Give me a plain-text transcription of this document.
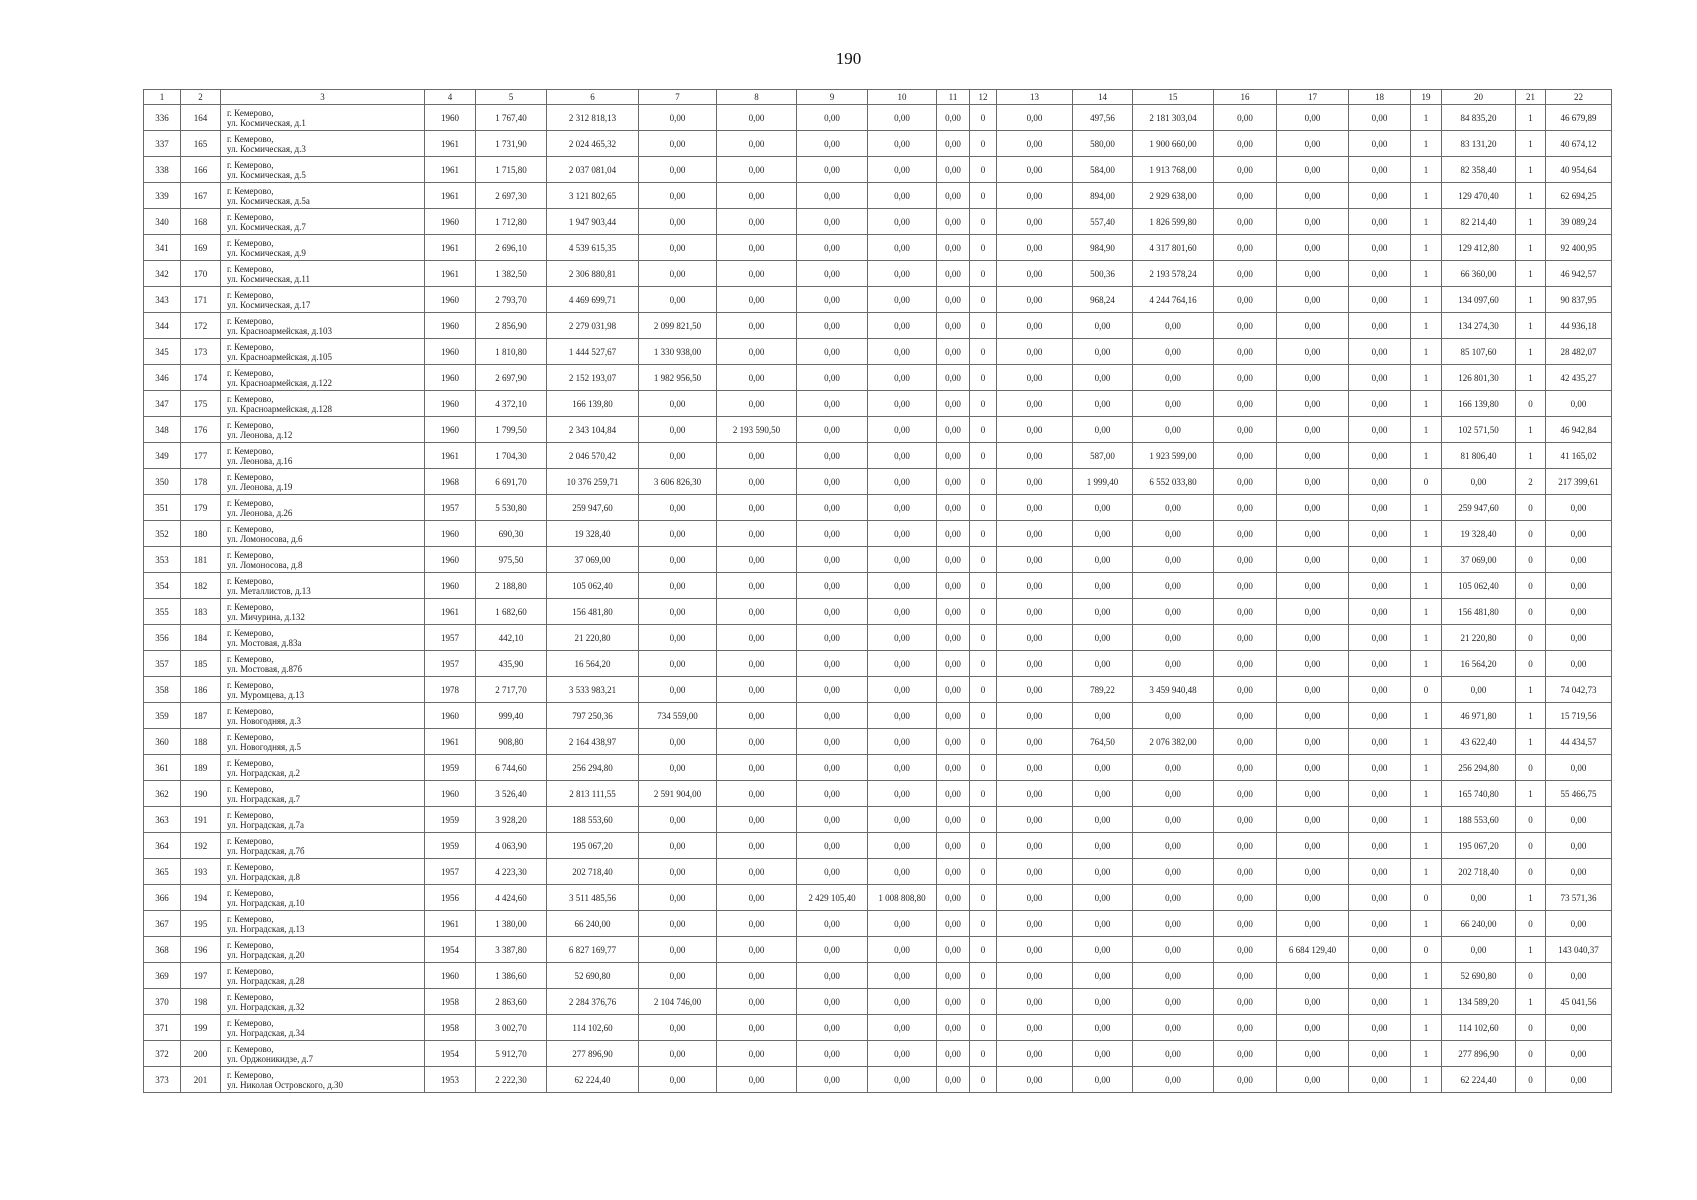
190
1	2	3	4	5	6	7	8	9	10	11	12	13	14	15	16	17	18	19	20	21	22
336	164	г. Кемерово,
ул. Космическая, д.1	1960	1 767,40	2 312 818,13	0,00	0,00	0,00	0,00	0,00	0	0,00	497,56	2 181 303,04	0,00	0,00	0,00	1	84 835,20	1	46 679,89
337	165	г. Кемерово,
ул. Космическая, д.3	1961	1 731,90	2 024 465,32	0,00	0,00	0,00	0,00	0,00	0	0,00	580,00	1 900 660,00	0,00	0,00	0,00	1	83 131,20	1	40 674,12
338	166	г. Кемерово,
ул. Космическая, д.5	1961	1 715,80	2 037 081,04	0,00	0,00	0,00	0,00	0,00	0	0,00	584,00	1 913 768,00	0,00	0,00	0,00	1	82 358,40	1	40 954,64
339	167	г. Кемерово,
ул. Космическая, д.5а	1961	2 697,30	3 121 802,65	0,00	0,00	0,00	0,00	0,00	0	0,00	894,00	2 929 638,00	0,00	0,00	0,00	1	129 470,40	1	62 694,25
340	168	г. Кемерово,
ул. Космическая, д.7	1960	1 712,80	1 947 903,44	0,00	0,00	0,00	0,00	0,00	0	0,00	557,40	1 826 599,80	0,00	0,00	0,00	1	82 214,40	1	39 089,24
341	169	г. Кемерово,
ул. Космическая, д.9	1961	2 696,10	4 539 615,35	0,00	0,00	0,00	0,00	0,00	0	0,00	984,90	4 317 801,60	0,00	0,00	0,00	1	129 412,80	1	92 400,95
342	170	г. Кемерово,
ул. Космическая, д.11	1961	1 382,50	2 306 880,81	0,00	0,00	0,00	0,00	0,00	0	0,00	500,36	2 193 578,24	0,00	0,00	0,00	1	66 360,00	1	46 942,57
343	171	г. Кемерово,
ул. Космическая, д.17	1960	2 793,70	4 469 699,71	0,00	0,00	0,00	0,00	0,00	0	0,00	968,24	4 244 764,16	0,00	0,00	0,00	1	134 097,60	1	90 837,95
344	172	г. Кемерово,
ул. Красноармейская, д.103	1960	2 856,90	2 279 031,98	2 099 821,50	0,00	0,00	0,00	0,00	0	0,00	0,00	0,00	0,00	0,00	0,00	1	134 274,30	1	44 936,18
345	173	г. Кемерово,
ул. Красноармейская, д.105	1960	1 810,80	1 444 527,67	1 330 938,00	0,00	0,00	0,00	0,00	0	0,00	0,00	0,00	0,00	0,00	0,00	1	85 107,60	1	28 482,07
346	174	г. Кемерово,
ул. Красноармейская, д.122	1960	2 697,90	2 152 193,07	1 982 956,50	0,00	0,00	0,00	0,00	0	0,00	0,00	0,00	0,00	0,00	0,00	1	126 801,30	1	42 435,27
347	175	г. Кемерово,
ул. Красноармейская, д.128	1960	4 372,10	166 139,80	0,00	0,00	0,00	0,00	0,00	0	0,00	0,00	0,00	0,00	0,00	0,00	1	166 139,80	0	0,00
348	176	г. Кемерово,
ул. Леонова, д.12	1960	1 799,50	2 343 104,84	0,00	2 193 590,50	0,00	0,00	0,00	0	0,00	0,00	0,00	0,00	0,00	0,00	1	102 571,50	1	46 942,84
349	177	г. Кемерово,
ул. Леонова, д.16	1961	1 704,30	2 046 570,42	0,00	0,00	0,00	0,00	0,00	0	0,00	587,00	1 923 599,00	0,00	0,00	0,00	1	81 806,40	1	41 165,02
350	178	г. Кемерово,
ул. Леонова, д.19	1968	6 691,70	10 376 259,71	3 606 826,30	0,00	0,00	0,00	0,00	0	0,00	1 999,40	6 552 033,80	0,00	0,00	0,00	0	0,00	2	217 399,61
351	179	г. Кемерово,
ул. Леонова, д.26	1957	5 530,80	259 947,60	0,00	0,00	0,00	0,00	0,00	0	0,00	0,00	0,00	0,00	0,00	0,00	1	259 947,60	0	0,00
352	180	г. Кемерово,
ул. Ломоносова, д.6	1960	690,30	19 328,40	0,00	0,00	0,00	0,00	0,00	0	0,00	0,00	0,00	0,00	0,00	0,00	1	19 328,40	0	0,00
353	181	г. Кемерово,
ул. Ломоносова, д.8	1960	975,50	37 069,00	0,00	0,00	0,00	0,00	0,00	0	0,00	0,00	0,00	0,00	0,00	0,00	1	37 069,00	0	0,00
354	182	г. Кемерово,
ул. Металлистов, д.13	1960	2 188,80	105 062,40	0,00	0,00	0,00	0,00	0,00	0	0,00	0,00	0,00	0,00	0,00	0,00	1	105 062,40	0	0,00
355	183	г. Кемерово,
ул. Мичурина, д.132	1961	1 682,60	156 481,80	0,00	0,00	0,00	0,00	0,00	0	0,00	0,00	0,00	0,00	0,00	0,00	1	156 481,80	0	0,00
356	184	г. Кемерово,
ул. Мостовая, д.83а	1957	442,10	21 220,80	0,00	0,00	0,00	0,00	0,00	0	0,00	0,00	0,00	0,00	0,00	0,00	1	21 220,80	0	0,00
357	185	г. Кемерово,
ул. Мостовая, д.87б	1957	435,90	16 564,20	0,00	0,00	0,00	0,00	0,00	0	0,00	0,00	0,00	0,00	0,00	0,00	1	16 564,20	0	0,00
358	186	г. Кемерово,
ул. Муромцева, д.13	1978	2 717,70	3 533 983,21	0,00	0,00	0,00	0,00	0,00	0	0,00	789,22	3 459 940,48	0,00	0,00	0,00	0	0,00	1	74 042,73
359	187	г. Кемерово,
ул. Новогодняя, д.3	1960	999,40	797 250,36	734 559,00	0,00	0,00	0,00	0,00	0	0,00	0,00	0,00	0,00	0,00	0,00	1	46 971,80	1	15 719,56
360	188	г. Кемерово,
ул. Новогодняя, д.5	1961	908,80	2 164 438,97	0,00	0,00	0,00	0,00	0,00	0	0,00	764,50	2 076 382,00	0,00	0,00	0,00	1	43 622,40	1	44 434,57
361	189	г. Кемерово,
ул. Ноградская, д.2	1959	6 744,60	256 294,80	0,00	0,00	0,00	0,00	0,00	0	0,00	0,00	0,00	0,00	0,00	0,00	1	256 294,80	0	0,00
362	190	г. Кемерово,
ул. Ноградская, д.7	1960	3 526,40	2 813 111,55	2 591 904,00	0,00	0,00	0,00	0,00	0	0,00	0,00	0,00	0,00	0,00	0,00	1	165 740,80	1	55 466,75
363	191	г. Кемерово,
ул. Ноградская, д.7а	1959	3 928,20	188 553,60	0,00	0,00	0,00	0,00	0,00	0	0,00	0,00	0,00	0,00	0,00	0,00	1	188 553,60	0	0,00
364	192	г. Кемерово,
ул. Ноградская, д.7б	1959	4 063,90	195 067,20	0,00	0,00	0,00	0,00	0,00	0	0,00	0,00	0,00	0,00	0,00	0,00	1	195 067,20	0	0,00
365	193	г. Кемерово,
ул. Ноградская, д.8	1957	4 223,30	202 718,40	0,00	0,00	0,00	0,00	0,00	0	0,00	0,00	0,00	0,00	0,00	0,00	1	202 718,40	0	0,00
366	194	г. Кемерово,
ул. Ноградская, д.10	1956	4 424,60	3 511 485,56	0,00	0,00	2 429 105,40	1 008 808,80	0,00	0	0,00	0,00	0,00	0,00	0,00	0,00	0	0,00	1	73 571,36
367	195	г. Кемерово,
ул. Ноградская, д.13	1961	1 380,00	66 240,00	0,00	0,00	0,00	0,00	0,00	0	0,00	0,00	0,00	0,00	0,00	0,00	1	66 240,00	0	0,00
368	196	г. Кемерово,
ул. Ноградская, д.20	1954	3 387,80	6 827 169,77	0,00	0,00	0,00	0,00	0,00	0	0,00	0,00	0,00	0,00	6 684 129,40	0,00	0	0,00	1	143 040,37
369	197	г. Кемерово,
ул. Ноградская, д.28	1960	1 386,60	52 690,80	0,00	0,00	0,00	0,00	0,00	0	0,00	0,00	0,00	0,00	0,00	0,00	1	52 690,80	0	0,00
370	198	г. Кемерово,
ул. Ноградская, д.32	1958	2 863,60	2 284 376,76	2 104 746,00	0,00	0,00	0,00	0,00	0	0,00	0,00	0,00	0,00	0,00	0,00	1	134 589,20	1	45 041,56
371	199	г. Кемерово,
ул. Ноградская, д.34	1958	3 002,70	114 102,60	0,00	0,00	0,00	0,00	0,00	0	0,00	0,00	0,00	0,00	0,00	0,00	1	114 102,60	0	0,00
372	200	г. Кемерово,
ул. Орджоникидзе, д.7	1954	5 912,70	277 896,90	0,00	0,00	0,00	0,00	0,00	0	0,00	0,00	0,00	0,00	0,00	0,00	1	277 896,90	0	0,00
373	201	г. Кемерово,
ул. Николая Островского, д.30	1953	2 222,30	62 224,40	0,00	0,00	0,00	0,00	0,00	0	0,00	0,00	0,00	0,00	0,00	0,00	1	62 224,40	0	0,00
